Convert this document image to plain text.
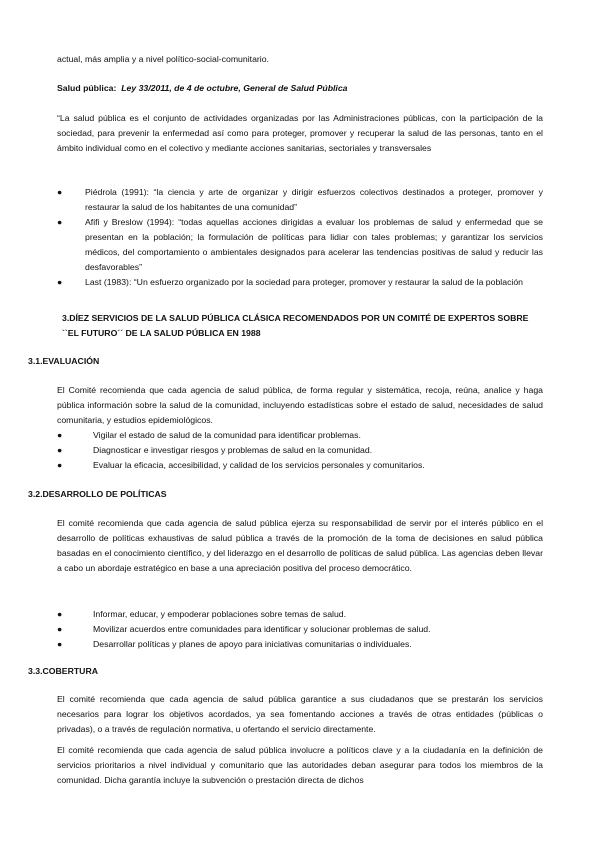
actual, más amplia y a nivel político-social-comunitario.

Salud pública: Ley 33/2011, de 4 de octubre, General de Salud Pública

“La salud pública es el conjunto de actividades organizadas por las Administraciones públicas, con la participación de la sociedad, para prevenir la enfermedad así como para proteger, promover y recuperar la salud de las personas, tanto en el ámbito individual como en el colectivo y mediante acciones sanitarias, sectoriales y transversales

●	Piédrola (1991): “la ciencia y arte de organizar y dirigir esfuerzos colectivos destinados a proteger, promover y restaurar la salud de los habitantes de una comunidad”
●	Afifi y Breslow (1994): “todas aquellas acciones dirigidas a evaluar los problemas de salud y enfermedad que se presentan en la población; la formulación de políticas para lidiar con tales problemas; y garantizar los servicios médicos, del comportamiento o ambientales designados para acelerar las tendencias positivas de salud y reducir las desfavorables”
●	Last (1983): “Un esfuerzo organizado por la sociedad para proteger, promover y restaurar la salud de la población

3.DÍEZ SERVICIOS DE LA SALUD PÚBLICA CLÁSICA RECOMENDADOS POR UN COMITÉ DE EXPERTOS SOBRE ``EL FUTURO´´ DE LA SALUD PÚBLICA EN 1988

3.1.EVALUACIÓN

El Comité recomienda que cada agencia de salud pública, de forma regular y sistemática, recoja, reúna, analice y haga pública información sobre la salud de la comunidad, incluyendo estadísticas sobre el estado de salud, necesidades de salud comunitaria, y estudios epidemiológicos.

●	Vigilar el estado de salud de la comunidad para identificar problemas.
●	Diagnosticar e investigar riesgos y problemas de salud en la comunidad.
●	Evaluar la eficacia, accesibilidad, y calidad de los servicios personales y comunitarios.

3.2.DESARROLLO DE POLÍTICAS

El comité recomienda que cada agencia de salud pública ejerza su responsabilidad de servir por el interés público en el desarrollo de políticas exhaustivas de salud pública a través de la promoción de la toma de decisiones en salud pública basadas en el conocimiento científico, y del liderazgo en el desarrollo de políticas de salud pública. Las agencias deben llevar a cabo un abordaje estratégico en base a una apreciación positiva del proceso democrático.

●	Informar, educar, y empoderar poblaciones sobre temas de salud.
●	Movilizar acuerdos entre comunidades para identificar y solucionar problemas de salud.
●	Desarrollar políticas y planes de apoyo para iniciativas comunitarias o individuales.

3.3.COBERTURA

El comité recomienda que cada agencia de salud pública garantice a sus ciudadanos que se prestarán los servicios necesarios para lograr los objetivos acordados, ya sea fomentando acciones a través de otras entidades (públicas o privadas), o a través de regulación normativa, u ofertando el servicio directamente.

El comité recomienda que cada agencia de salud pública involucre a políticos clave y a la ciudadanía en la definición de servicios prioritarios a nivel individual y comunitario que las autoridades deban asegurar para todos los miembros de la comunidad. Dicha garantía incluye la subvención o prestación directa de dichos
